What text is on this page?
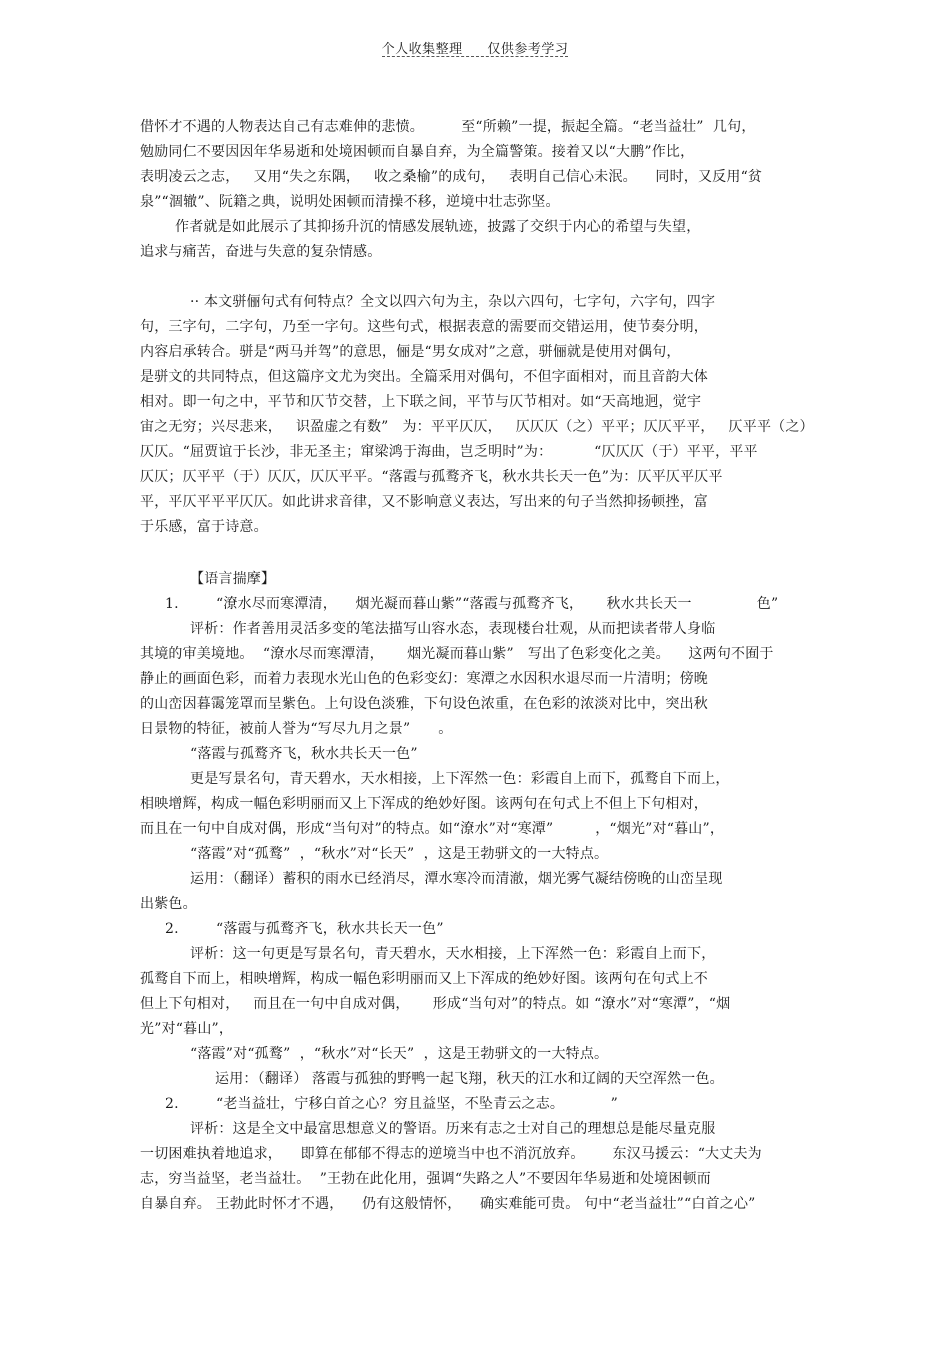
个人收集整理 仅供参考学习
借怀才不遇的人物表达自己有志难伸的悲愤。        至“所赖”一提，振起全篇。“老当益壮”  几句，
勉励同仁不要因因年华易逝和处境困顿而自暴自弃，为全篇警策。接着又以“大鹏”作比，
表明凌云之志，   又用“失之东隅，   收之桑榆”的成句，   表明自己信心未泯。    同时，又反用“贫
泉”“涸辙”、阮籍之典，说明处困顿而清操不移，逆境中壮志弥坚。
作者就是如此展示了其抑扬升沉的情感发展轨迹，披露了交织于内心的希望与失望，
追求与痛苦，奋进与失意的复杂情感。
·· 本文骈俪句式有何特点？全文以四六句为主，杂以六四句，七字句，六字句，四字
句，三字句，二字句，乃至一字句。这些句式，根据表意的需要而交错运用，使节奏分明，
内容启承转合。骈是“两马并驾”的意思，俪是“男女成对”之意，骈俪就是使用对偶句，
是骈文的共同特点，但这篇序文尤为突出。全篇采用对偶句，不但字面相对，而且音韵大体
相对。即一句之中，平节和仄节交替，上下联之间，平节与仄节相对。如“天高地迥，觉宇
宙之无穷；兴尽悲来，   识盈虚之有数”   为：平平仄仄，   仄仄仄（之）平平；仄仄平平，   仄平平（之）
仄仄。“屈贾谊于长沙，非无圣主；窜梁鸿于海曲，岂乏明时”为：         “仄仄仄（于）平平，平平
仄仄；仄平平（于）仄仄，仄仄平平。“落霞与孤鹜齐飞，秋水共长天一色”为：仄平仄平仄平
平，平仄平平平仄仄。如此讲求音律，又不影响意义表达，写出来的句子当然抑扬顿挫，富
于乐感，富于诗意。
【语言揣摩】
1.        “潦水尽而寒潭清，    烟光凝而暮山紫”“落霞与孤鹜齐飞，     秋水共长天一              色”
评析：作者善用灵活多变的笔法描写山容水态，表现楼台壮观，从而把读者带人身临
其境的审美境地。  “潦水尽而寒潭清，     烟光凝而暮山紫”   写出了色彩变化之美。    这两句不囿于
静止的画面色彩，而着力表现水光山色的色彩变幻：寒潭之水因积水退尽而一片清明；傍晚
的山峦因暮霭笼罩而呈紫色。上句设色淡雅，下句设色浓重，在色彩的浓淡对比中，突出秋
日景物的特征，被前人誉为“写尽九月之景”      。
“落霞与孤鹜齐飞，秋水共长天一色”
更是写景名句，青天碧水，天水相接，上下浑然一色：彩霞自上而下，孤鹜自下而上，
相映增辉，构成一幅色彩明丽而又上下浑成的绝妙好图。该两句在句式上不但上下句相对，
而且在一句中自成对偶，形成“当句对”的特点。如“潦水”对“寒潭”         ，“烟光”对“暮山”，
“落霞”对“孤鹜”  ，“秋水”对“长天”  ，这是王勃骈文的一大特点。
运用：（翻译）蓄积的雨水已经消尽，潭水寒冷而清澈，烟光雾气凝结傍晚的山峦呈现
出紫色。
2.        “落霞与孤鹜齐飞，秋水共长天一色”
评析：这一句更是写景名句，青天碧水，天水相接，上下浑然一色：彩霞自上而下，
孤鹜自下而上，相映增辉，构成一幅色彩明丽而又上下浑成的绝妙好图。该两句在句式上不
但上下句相对，   而且在一句中自成对偶，     形成“当句对”的特点。如 “潦水”对“寒潭”，“烟
光”对“暮山”，
“落霞”对“孤鹜”  ，“秋水”对“长天”  ，这是王勃骈文的一大特点。
运用：（翻译） 落霞与孤独的野鸭一起飞翔，秋天的江水和辽阔的天空浑然一色。
2.        “老当益壮，宁移白首之心？穷且益坚，不坠青云之志。          ”
评析：这是全文中最富思想意义的警语。历来有志之士对自己的理想总是能尽量克服
一切困难执着地追求，    即算在郁郁不得志的逆境当中也不消沉放弃。      东汉马援云：“大丈夫为
志，穷当益坚，老当益壮。  ”王勃在此化用，强调“失路之人”不要因年华易逝和处境困顿而
自暴自弃。 王勃此时怀才不遇，    仍有这般情怀，    确实难能可贵。 句中“老当益壮”“白首之心”
